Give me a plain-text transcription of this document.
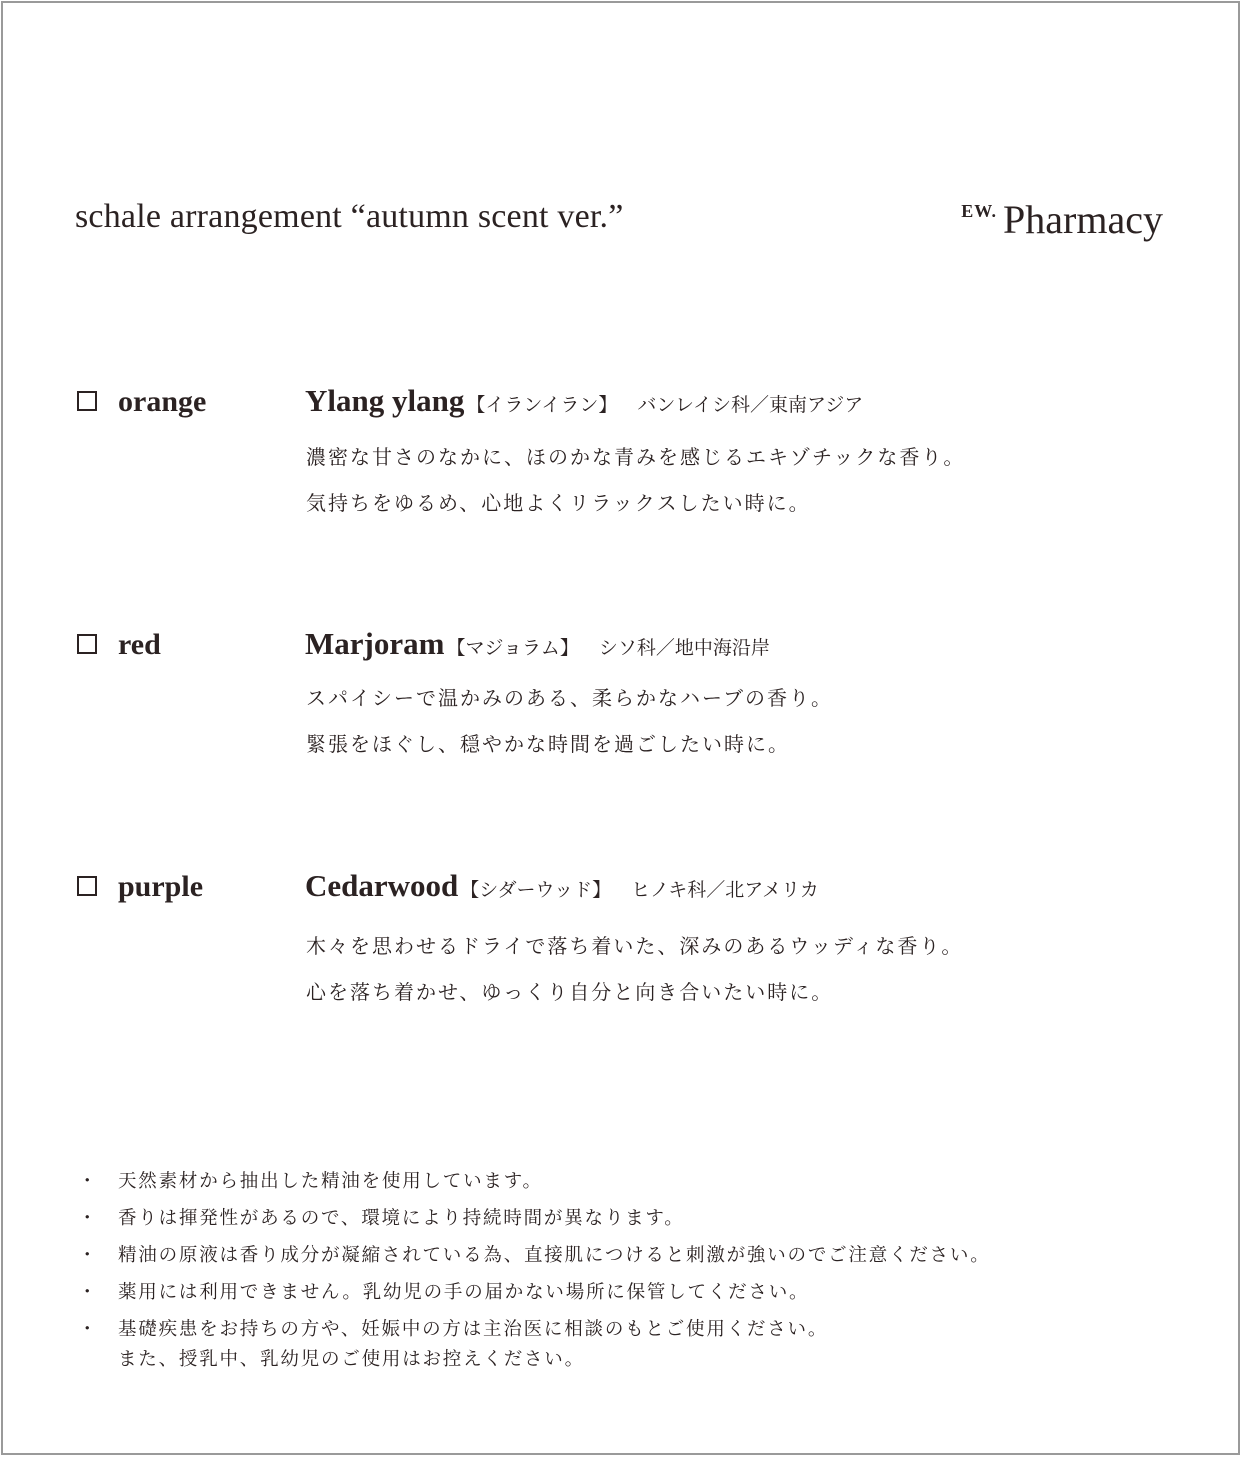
schale arrangement “autumn scent ver.”	EW. Pharmacy
orange	Ylang ylang 【イランイラン】 バンレイシ科／東南アジア
濃密な甘さのなかに、ほのかな青みを感じるエキゾチックな香り。
気持ちをゆるめ、心地よくリラックスしたい時に。
red	Marjoram 【マジョラム】 シソ科／地中海沿岸
スパイシーで温かみのある、柔らかなハーブの香り。
緊張をほぐし、穏やかな時間を過ごしたい時に。
purple	Cedarwood 【シダーウッド】 ヒノキ科／北アメリカ
木々を思わせるドライで落ち着いた、深みのあるウッディな香り。
心を落ち着かせ、ゆっくり自分と向き合いたい時に。
・ 天然素材から抽出した精油を使用しています。
・ 香りは揮発性があるので、環境により持続時間が異なります。
・ 精油の原液は香り成分が凝縮されている為、直接肌につけると刺激が強いのでご注意ください。
・ 薬用には利用できません。乳幼児の手の届かない場所に保管してください。
・ 基礎疾患をお持ちの方や、妊娠中の方は主治医に相談のもとご使用ください。
また、授乳中、乳幼児のご使用はお控えください。
